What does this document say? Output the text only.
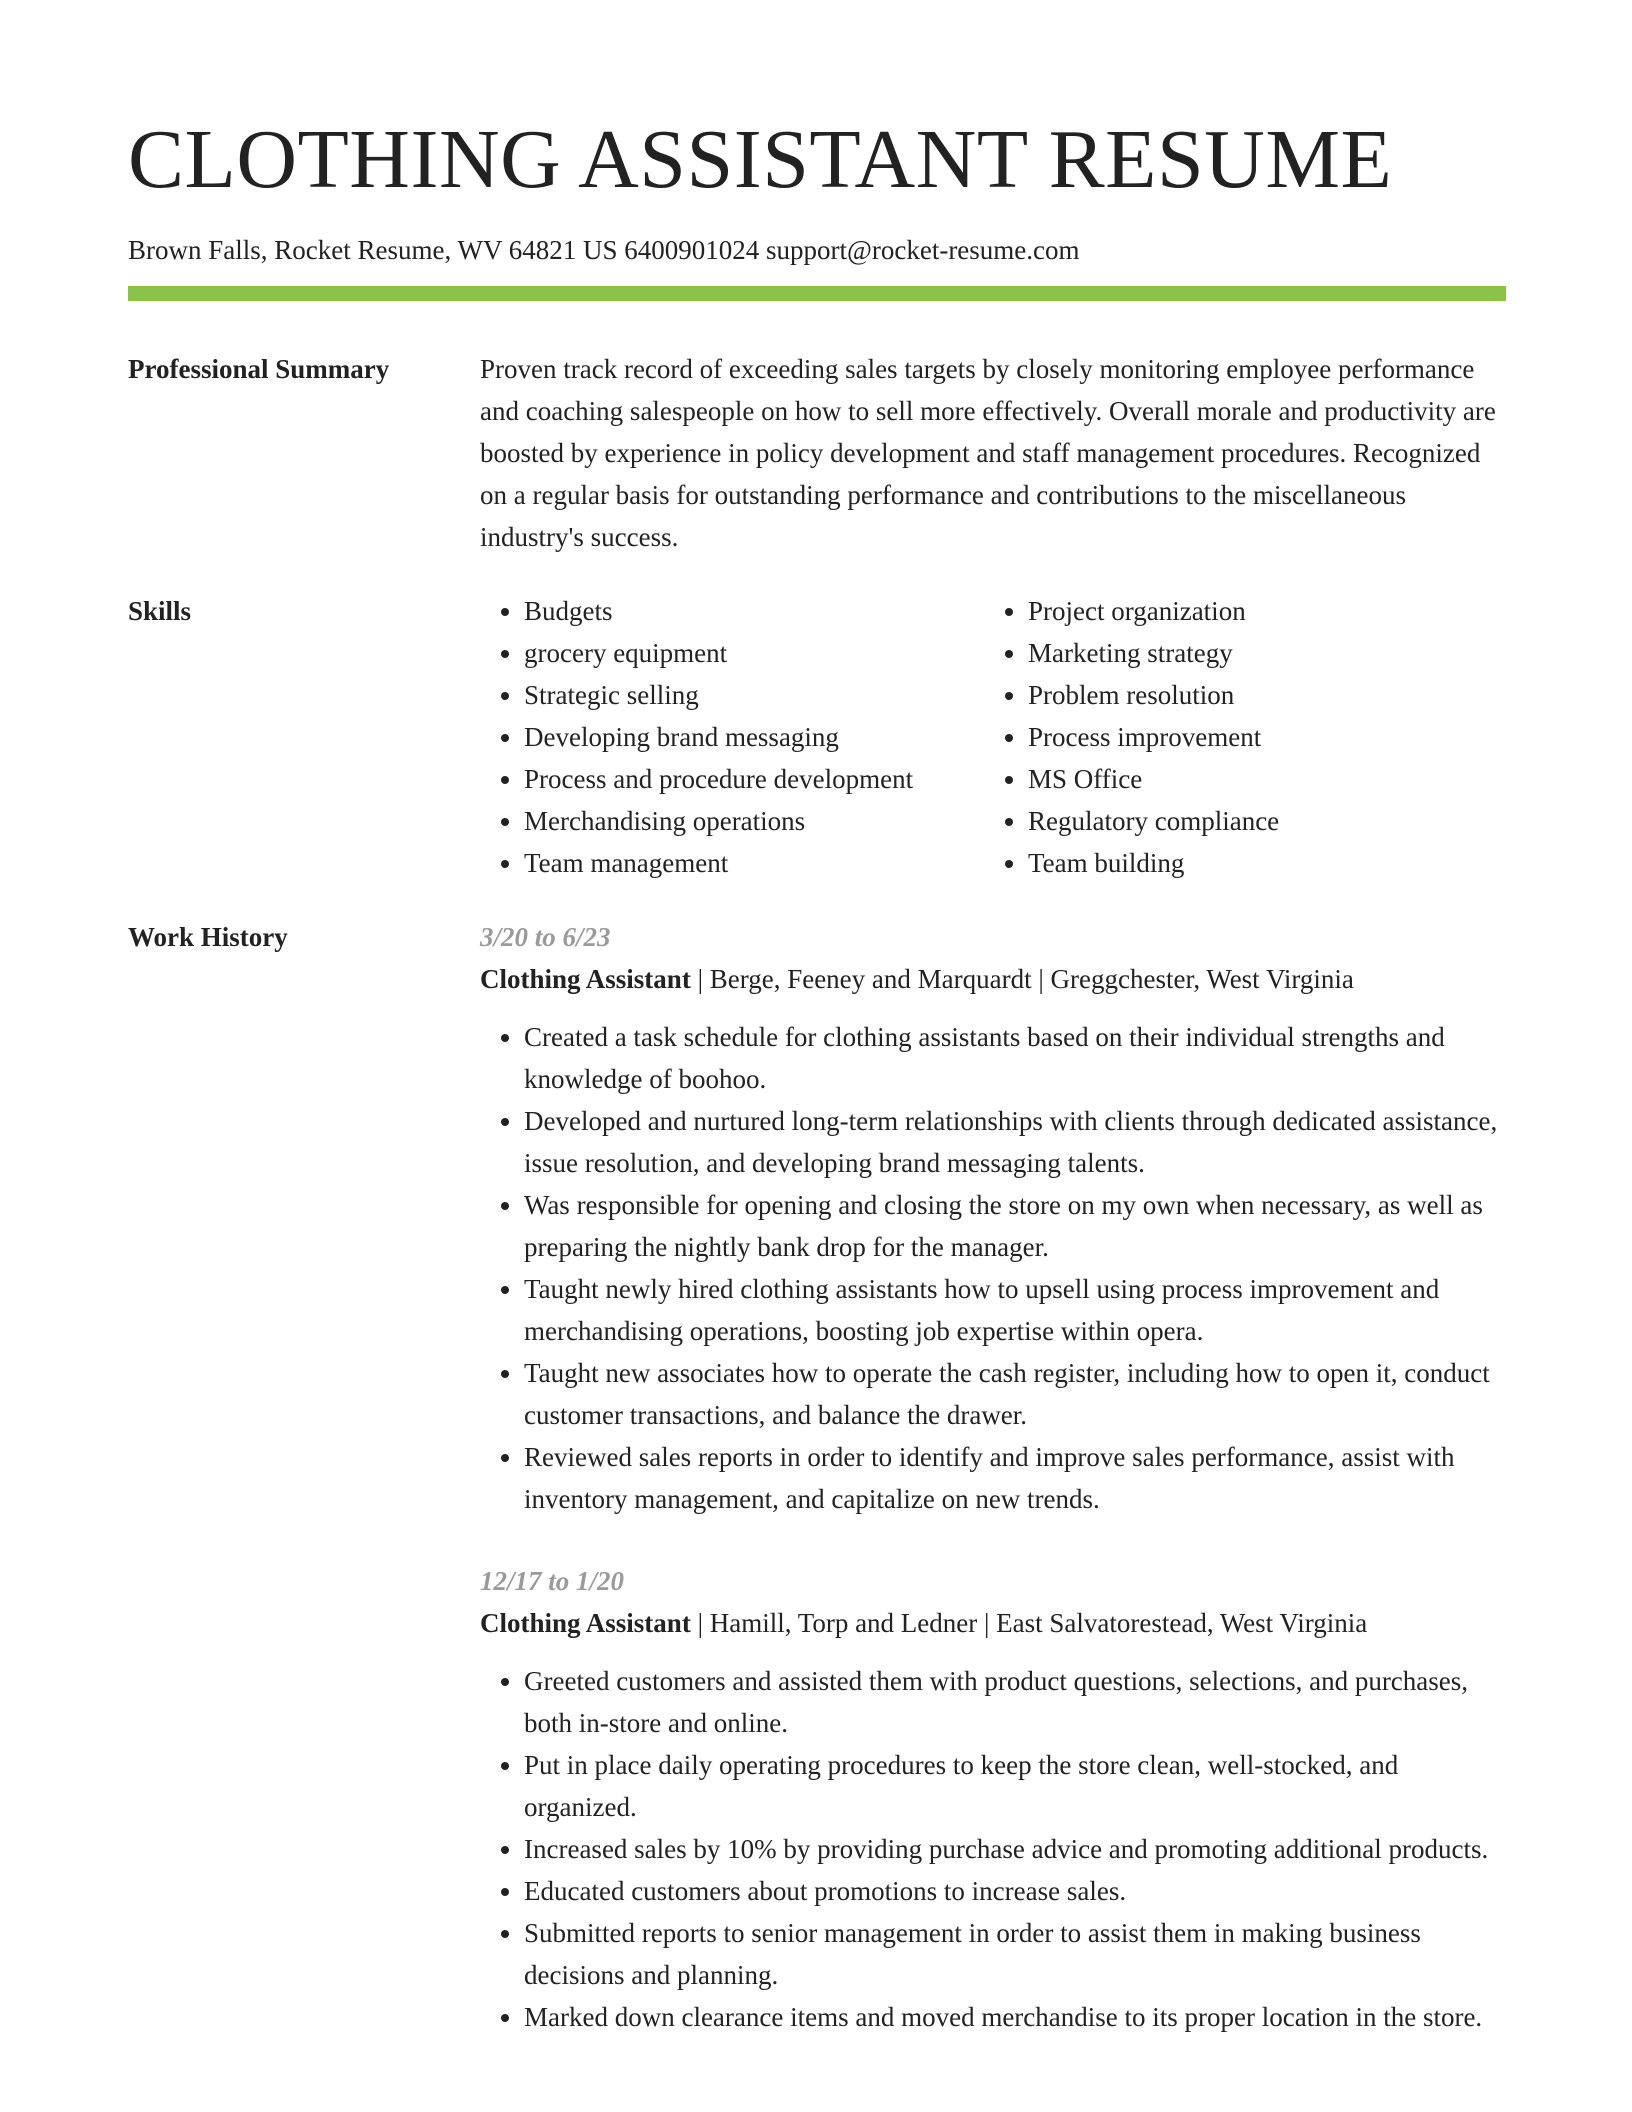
CLOTHING ASSISTANT RESUME
Brown Falls, Rocket Resume, WV 64821 US 6400901024 support@rocket-resume.com
Professional Summary	Proven track record of exceeding sales targets by closely monitoring employee performance and coaching salespeople on how to sell more effectively. Overall morale and productivity are boosted by experience in policy development and staff management procedures. Recognized on a regular basis for outstanding performance and contributions to the miscellaneous industry's success.

Skills
•	Budgets
• grocery equipment
• Strategic selling
• Developing brand messaging
• Process and procedure development
• Merchandising operations
• Team management
• Project organization
• Marketing strategy
• Problem resolution
• Process improvement
• MS Office
• Regulatory compliance
• Team building
Work History	3/20 to 6/23
Clothing Assistant | Berge, Feeney and Marquardt | Greggchester, West Virginia
• Created a task schedule for clothing assistants based on their individual strengths and knowledge of boohoo.
• Developed and nurtured long-term relationships with clients through dedicated assistance, issue resolution, and developing brand messaging talents.
• Was responsible for opening and closing the store on my own when necessary, as well as preparing the nightly bank drop for the manager.
• Taught newly hired clothing assistants how to upsell using process improvement and merchandising operations, boosting job expertise within opera.
• Taught new associates how to operate the cash register, including how to open it, conduct customer transactions, and balance the drawer.
• Reviewed sales reports in order to identify and improve sales performance, assist with inventory management, and capitalize on new trends.
12/17 to 1/20
Clothing Assistant | Hamill, Torp and Ledner | East Salvatorestead, West Virginia
• Greeted customers and assisted them with product questions, selections, and purchases, both in-store and online.
• Put in place daily operating procedures to keep the store clean, well-stocked, and organized.
• Increased sales by 10% by providing purchase advice and promoting additional products.
• Educated customers about promotions to increase sales.
• Submitted reports to senior management in order to assist them in making business decisions and planning.
• Marked down clearance items and moved merchandise to its proper location in the store.
